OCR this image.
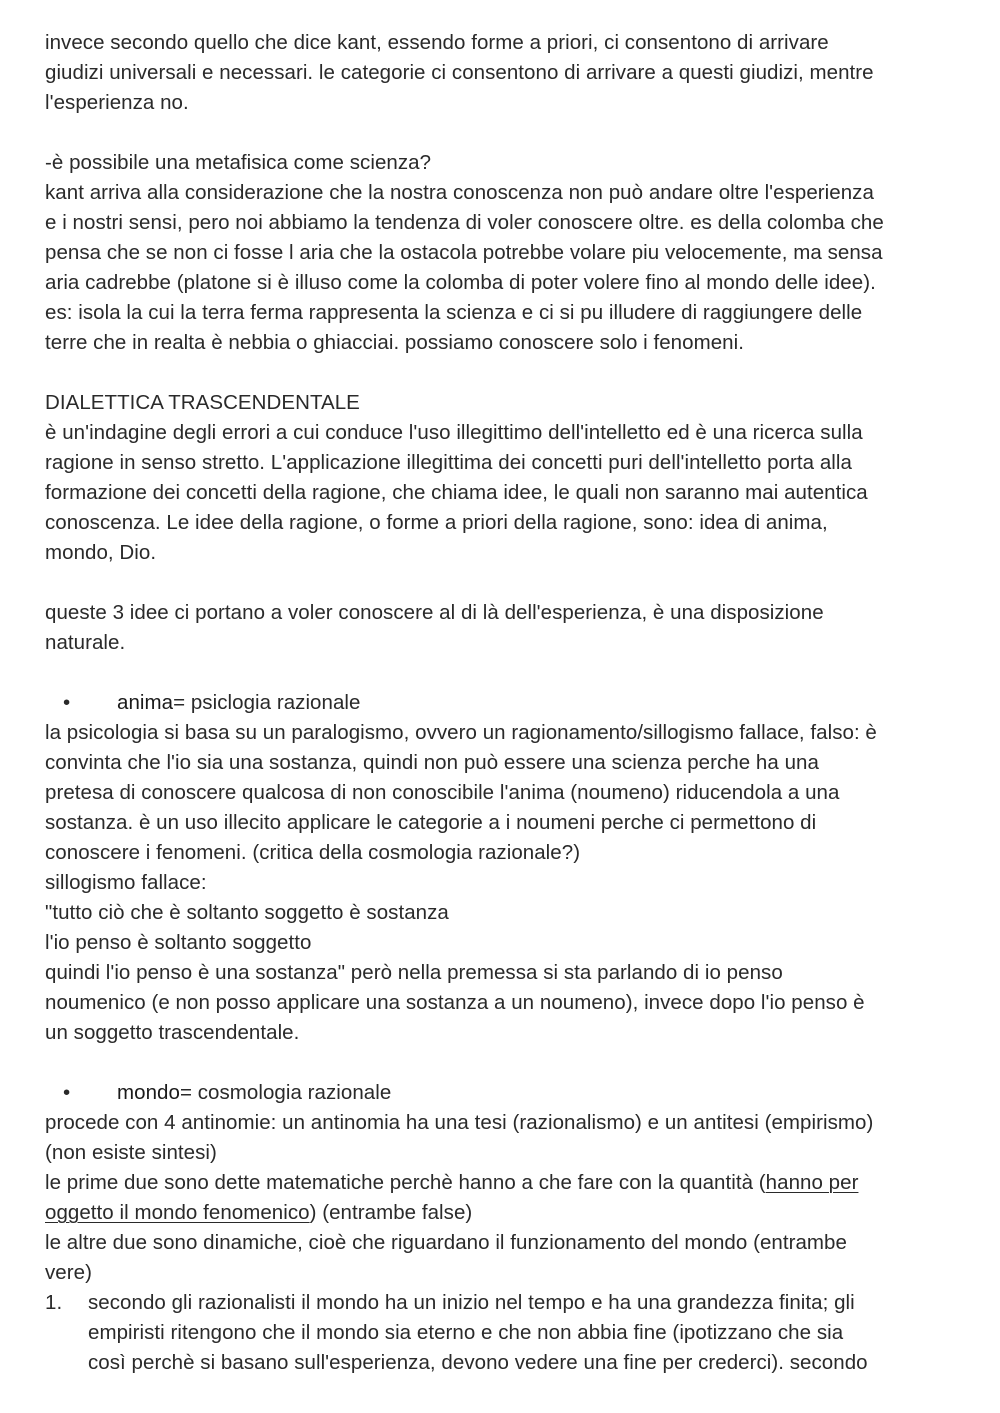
invece secondo quello che dice kant, essendo forme a priori, ci consentono di arrivare
giudizi universali e necessari. le categorie ci consentono di arrivare a questi giudizi, mentre
l'esperienza no.
-è possibile una metafisica come scienza?
kant arriva alla considerazione che la nostra conoscenza non può andare oltre l'esperienza
e i nostri sensi, pero noi abbiamo la tendenza di voler conoscere oltre. es della colomba che
pensa che se non ci fosse l aria che la ostacola potrebbe volare piu velocemente, ma sensa
aria cadrebbe (platone si è illuso come la colomba di poter volere fino al mondo delle idee).
es: isola la cui la terra ferma rappresenta la scienza e ci si pu illudere di raggiungere delle
terre che in realta è nebbia o ghiacciai. possiamo conoscere solo i fenomeni.
DIALETTICA TRASCENDENTALE
è un'indagine degli errori a cui conduce l'uso illegittimo dell'intelletto ed è una ricerca sulla
ragione in senso stretto. L'applicazione illegittima dei concetti puri dell'intelletto porta alla
formazione dei concetti della ragione, che chiama idee, le quali non saranno mai autentica
conoscenza. Le idee della ragione, o forme a priori della ragione, sono: idea di anima,
mondo, Dio.
queste 3 idee ci portano a voler conoscere al di là dell'esperienza, è una disposizione
naturale.
• anima= psiclogia razionale
la psicologia si basa su un paralogismo, ovvero un ragionamento/sillogismo fallace, falso: è
convinta che l'io sia una sostanza, quindi non può essere una scienza perche ha una
pretesa di conoscere qualcosa di non conoscibile l'anima (noumeno) riducendola a una
sostanza. è un uso illecito applicare le categorie a i noumeni perche ci permettono di
conoscere i fenomeni. (critica della cosmologia razionale?)
sillogismo fallace:
"tutto ciò che è soltanto soggetto è sostanza
l'io penso è soltanto soggetto
quindi l'io penso è una sostanza" però nella premessa si sta parlando di io penso
noumenico (e non posso applicare una sostanza a un noumeno), invece dopo l'io penso è
un soggetto trascendentale.
• mondo= cosmologia razionale
procede con 4 antinomie: un antinomia ha una tesi (razionalismo) e un antitesi (empirismo)
(non esiste sintesi)
le prime due sono dette matematiche perchè hanno a che fare con la quantità (hanno per
oggetto il mondo fenomenico) (entrambe false)
le altre due sono dinamiche, cioè che riguardano il funzionamento del mondo (entrambe
vere)
1. secondo gli razionalisti il mondo ha un inizio nel tempo e ha una grandezza finita; gli
empiristi ritengono che il mondo sia eterno e che non abbia fine (ipotizzano che sia
così perchè si basano sull'esperienza, devono vedere una fine per crederci). secondo
